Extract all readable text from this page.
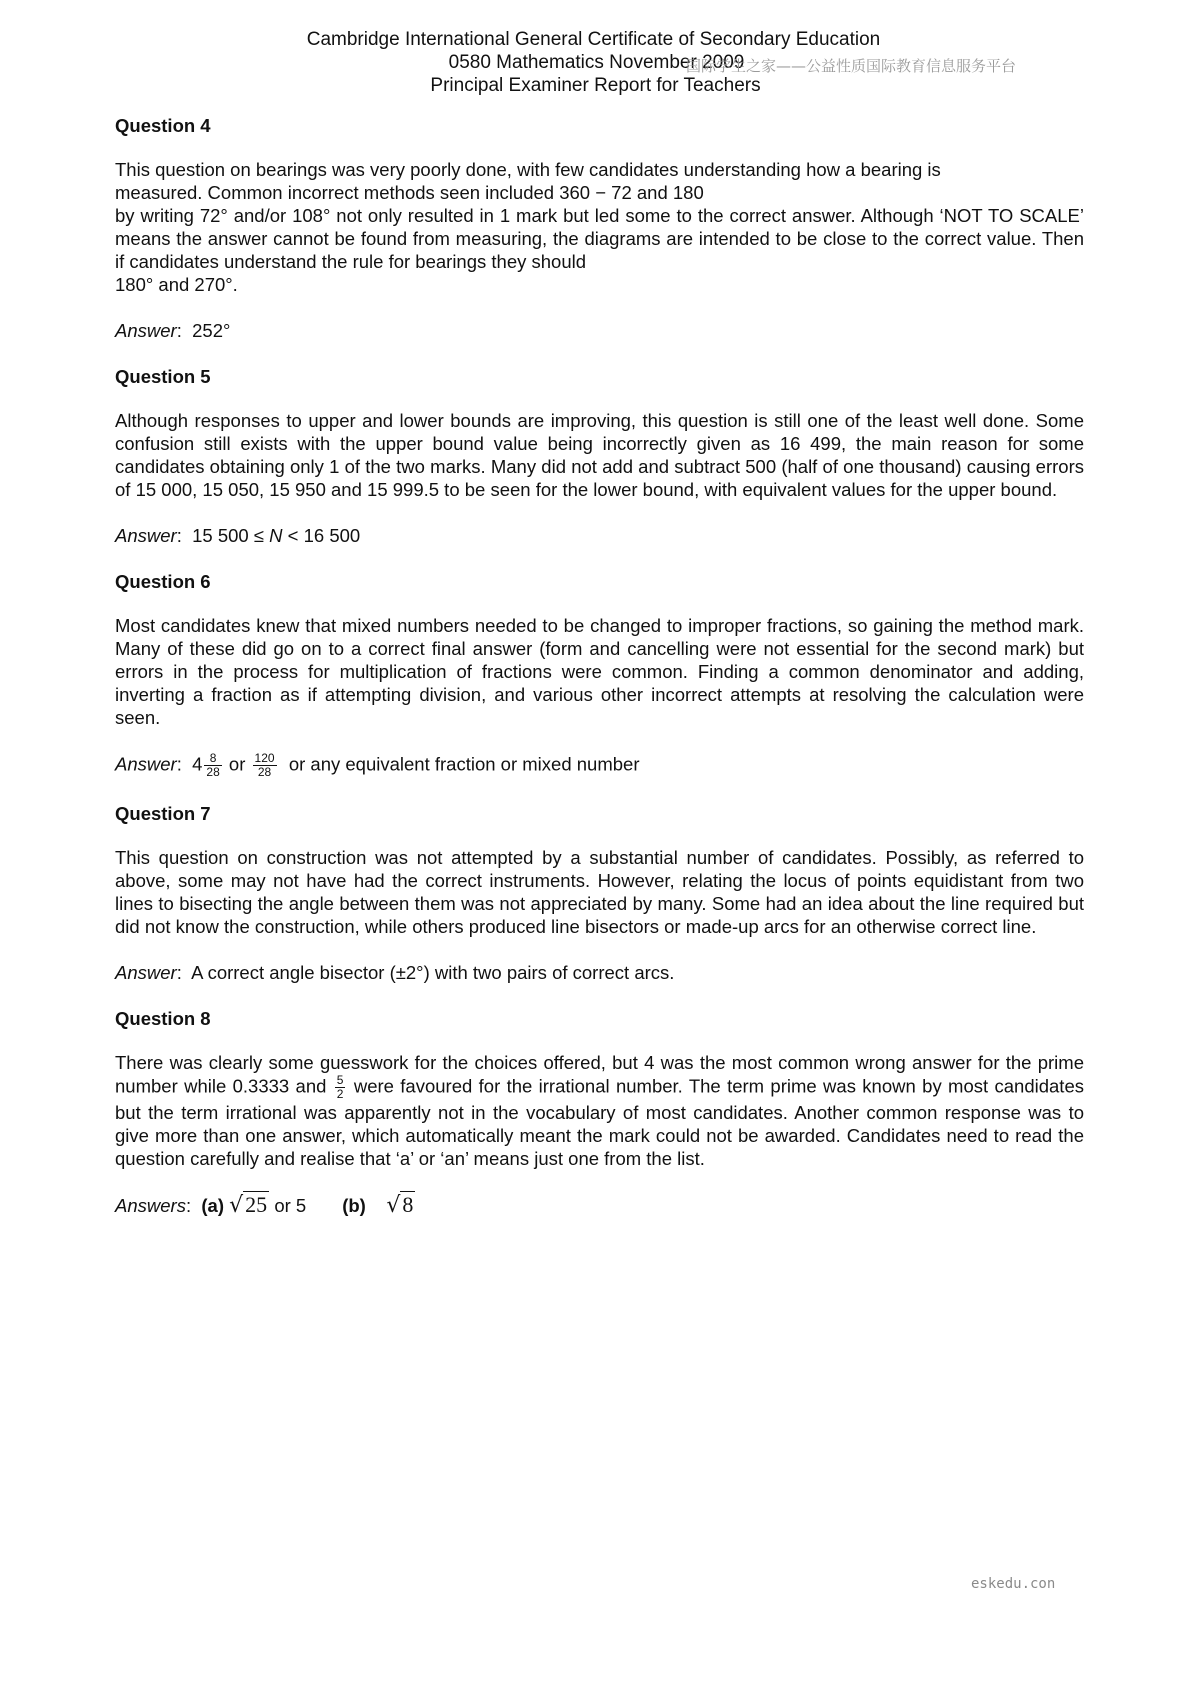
Cambridge International General Certificate of Secondary Education
0580 Mathematics November 2009
Principal Examiner Report for Teachers
国际学生之家——公益性质国际教育信息服务平台
Question 4
This question on bearings was very poorly done, with few candidates understanding how a bearing is
measured. Common incorrect methods seen included 360 − 72 and 180
by writing 72° and/or 108° not only resulted in 1 mark but led some to the correct answer. Although ‘NOT TO SCALE’ means the answer cannot be found from measuring, the diagrams are intended to be close to the correct value. Then if candidates understand the rule for bearings they should
180° and 270°.
Answer:  252°
Question 5
Although responses to upper and lower bounds are improving, this question is still one of the least well done. Some confusion still exists with the upper bound value being incorrectly given as 16 499, the main reason for some candidates obtaining only 1 of the two marks. Many did not add and subtract 500 (half of one thousand) causing errors of 15 000, 15 050, 15 950 and 15 999.5 to be seen for the lower bound, with equivalent values for the upper bound.
Answer:  15 500 ≤ N < 16 500
Question 6
Most candidates knew that mixed numbers needed to be changed to improper fractions, so gaining the method mark. Many of these did go on to a correct final answer (form and cancelling were not essential for the second mark) but errors in the process for multiplication of fractions were common. Finding a common denominator and adding, inverting a fraction as if attempting division, and various other incorrect attempts at resolving the calculation were seen.
Answer:  $4 \frac{8}{28}$ or $\frac{120}{28}$ or any equivalent fraction or mixed number
Question 7
This question on construction was not attempted by a substantial number of candidates. Possibly, as referred to above, some may not have had the correct instruments. However, relating the locus of points equidistant from two lines to bisecting the angle between them was not appreciated by many. Some had an idea about the line required but did not know the construction, while others produced line bisectors or made-up arcs for an otherwise correct line.
Answer:  A correct angle bisector (±2°) with two pairs of correct arcs.
Question 8
There was clearly some guesswork for the choices offered, but 4 was the most common wrong answer for the prime number while 0.3333 and $\frac{5}{2}$ were favoured for the irrational number. The term prime was known by most candidates but the term irrational was apparently not in the vocabulary of most candidates. Another common response was to give more than one answer, which automatically meant the mark could not be awarded. Candidates need to read the question carefully and realise that ‘a’ or ‘an’ means just one from the list.
Answers:  (a) √25 or 5 (b) √8
eskedu.con
